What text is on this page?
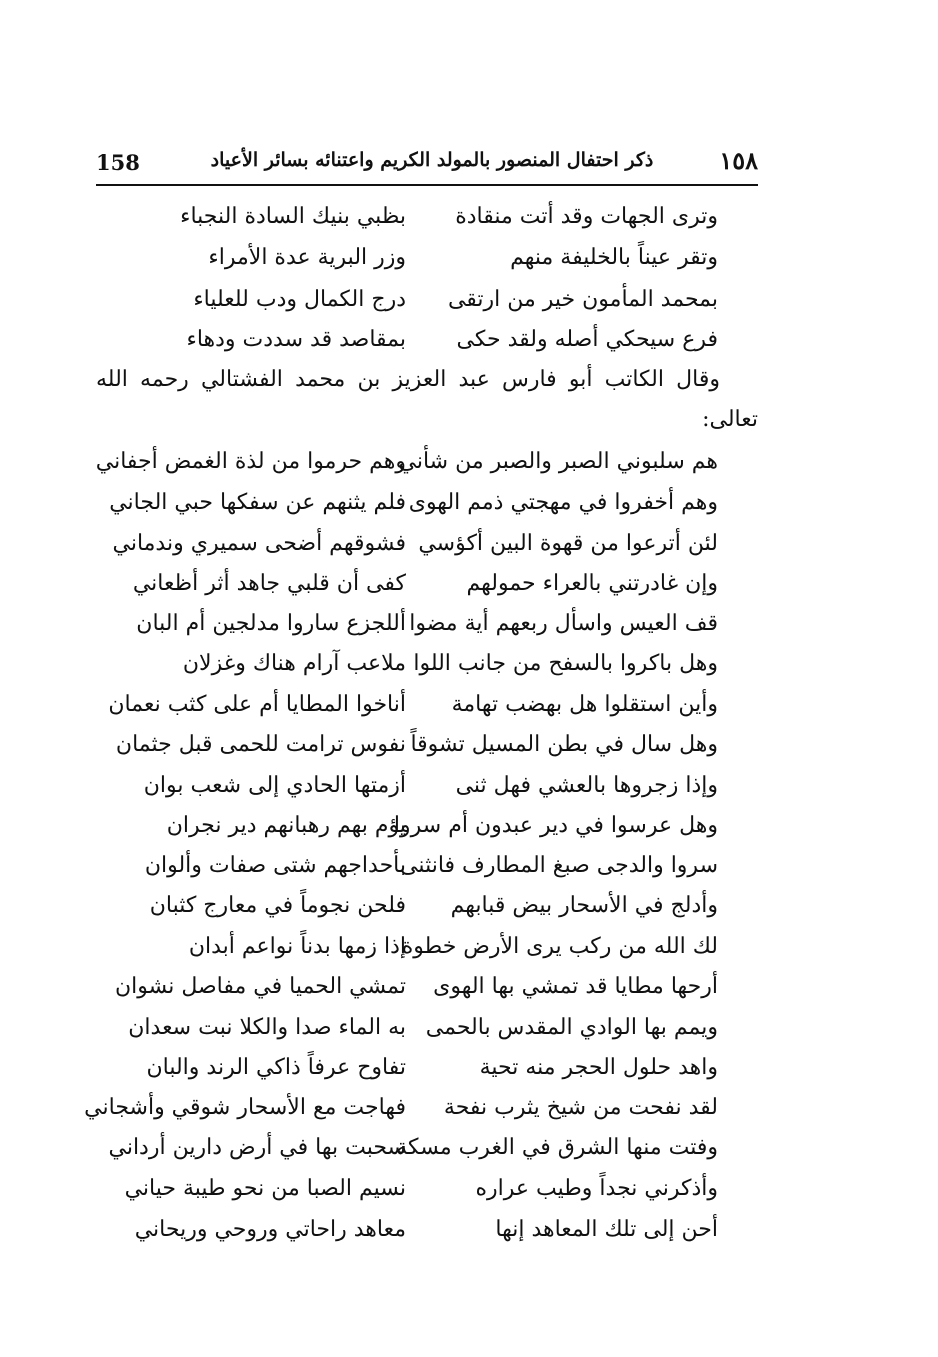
158	ذكر احتفال المنصور بالمولد الكريم واعتنائه بسائر الأعياد	١٥٨
وترى الجهات وقد أتت منقادة
بظبي بنيك السادة النجباء
وتقر عيناً بالخليفة منهم
وزر البرية عدة الأمراء
بمحمد المأمون خير من ارتقى
درج الكمال ودب للعلياء
فرع سيحكي أصله ولقد حكى
بمقاصد قد سددت ودهاء
وقال الكاتب أبو فارس عبد العزيز بن محمد الفشتالي رحمه الله
تعالى:
هم سلبوني الصبر والصبر من شأني
وهم حرموا من لذة الغمض أجفاني
وهم أخفروا في مهجتي ذمم الهوى
فلم يثنهم عن سفكها حبي الجاني
لئن أترعوا من قهوة البين أكؤسي
فشوقهم أضحى سميري وندماني
وإن غادرتني بالعراء حمولهم
كفى أن قلبي جاهد أثر أظعاني
قف العيس واسأل ربعهم أية مضوا
أللجزع ساروا مدلجين أم البان
وهل باكروا بالسفح من جانب اللوا
ملاعب آرام هناك وغزلان
وأين استقلوا هل بهضب تهامة
أناخوا المطايا أم على كثب نعمان
وهل سال في بطن المسيل تشوقاً
نفوس ترامت للحمى قبل جثمان
وإذا زجروها بالعشي فهل ثنى
أزمتها الحادي إلى شعب بوان
وهل عرسوا في دير عبدون أم سروا
يؤم بهم رهبانهم دير نجران
سروا والدجى صبغ المطارف فانثنى
بأحداجهم شتى صفات وألوان
وأدلج في الأسحار بيض قبابهم
فلحن نجوماً في معارج كثبان
لك الله من ركب يرى الأرض خطوة
إذا زمها بدناً نواعم أبدان
أرحها مطايا قد تمشي بها الهوى
تمشي الحميا في مفاصل نشوان
ويمم بها الوادي المقدس بالحمى
به الماء صدا والكلا نبت سعدان
واهد حلول الحجر منه تحية
تفاوح عرفاً ذاكي الرند والبان
لقد نفحت من شيخ يثرب نفحة
فهاجت مع الأسحار شوقي وأشجاني
وفتت منها الشرق في الغرب مسكة
سحبت بها في أرض دارين أرداني
وأذكرني نجداً وطيب عراره
نسيم الصبا من نحو طيبة حياني
أحن إلى تلك المعاهد إنها
معاهد راحاتي وروحي وريحاني
